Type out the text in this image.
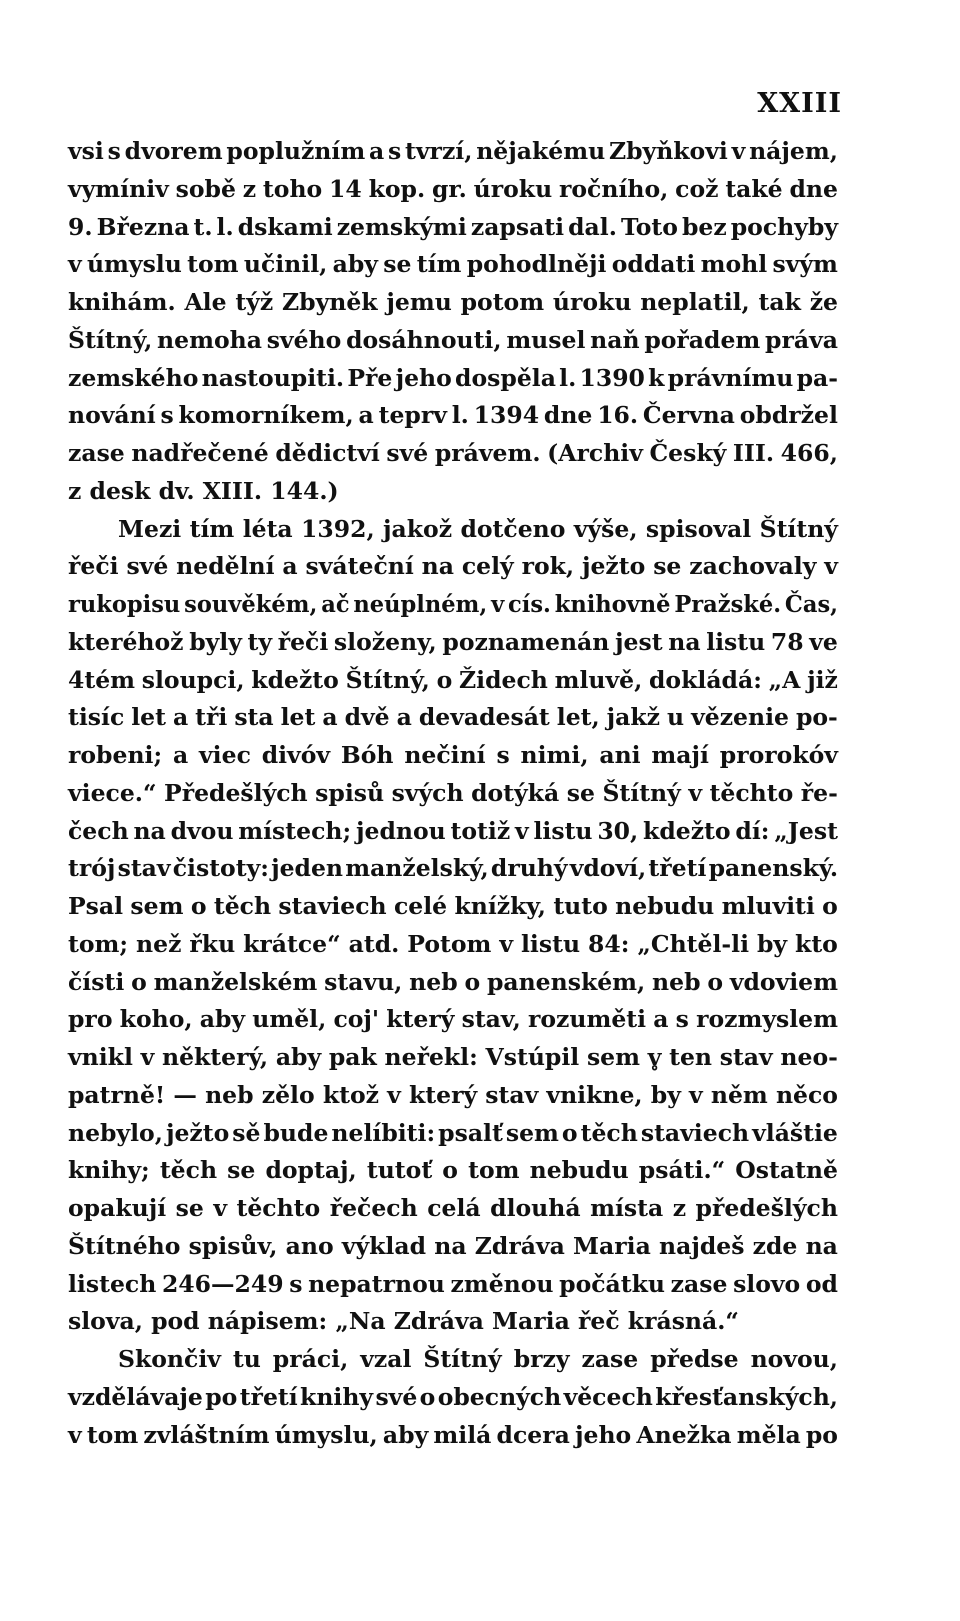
XXIII
vsi s dvorem poplužním a s tvrzí, nějakému Zbyňkovi v nájem,
vymíniv sobě z toho 14 kop. gr. úroku ročního, což také dne
9. Března t. l. dskami zemskými zapsati dal. Toto bez pochyby
v úmyslu tom učinil, aby se tím pohodlněji oddati mohl svým
knihám. Ale týž Zbyněk jemu potom úroku neplatil, tak že
Štítný, nemoha svého dosáhnouti, musel naň pořadem práva
zemského nastoupiti. Pře jeho dospěla l. 1390 k právnímu pa-
nování s komorníkem, a teprv l. 1394 dne 16. Června obdržel
zase nadřečené dědictví své právem. (Archiv Český III. 466,
z desk dv. XIII. 144.)
Mezi tím léta 1392, jakož dotčeno výše, spisoval Štítný
řeči své nedělní a sváteční na celý rok, ježto se zachovaly v
rukopisu souvěkém, ač neúplném, v cís. knihovně Pražské. Čas,
kteréhož byly ty řeči složeny, poznamenán jest na listu 78 ve
4tém sloupci, kdežto Štítný, o Židech mluvě, dokládá: „A již
tisíc let a tři sta let a dvě a devadesát let, jakž u vězenie po-
robeni; a viec divóv Bóh nečiní s nimi, ani mají prorokóv
viece.“ Předešlých spisů svých dotýká se Štítný v těchto ře-
čech na dvou místech; jednou totiž v listu 30, kdežto dí: „Jest
trój stav čistoty: jeden manželský, druhý vdoví, třetí panenský.
Psal sem o těch staviech celé knížky, tuto nebudu mluviti o
tom; než řku krátce“ atd. Potom v listu 84: „Chtěl-li by kto
čísti o manželském stavu, neb o panenském, neb o vdoviem
pro koho, aby uměl, coj' který stav, rozuměti a s rozmyslem
vnikl v některý, aby pak neřekl: Vstúpil sem v̥ ten stav neo-
patrně! — neb zělo ktož v který stav vnikne, by v něm něco
nebylo, ježto sě bude nelíbiti: psalť sem o těch staviech vláštie
knihy; těch se doptaj, tutoť o tom nebudu psáti.“ Ostatně
opakují se v těchto řečech celá dlouhá místa z předešlých
Štítného spisův, ano výklad na Zdráva Maria najdeš zde na
listech 246—249 s nepatrnou změnou počátku zase slovo od
slova, pod nápisem: „Na Zdráva Maria řeč krásná.“
Skončiv tu práci, vzal Štítný brzy zase předse novou,
vzdělávaje po třetí knihy své o obecných věcech křesťanských,
v tom zvláštním úmyslu, aby milá dcera jeho Anežka měla po
